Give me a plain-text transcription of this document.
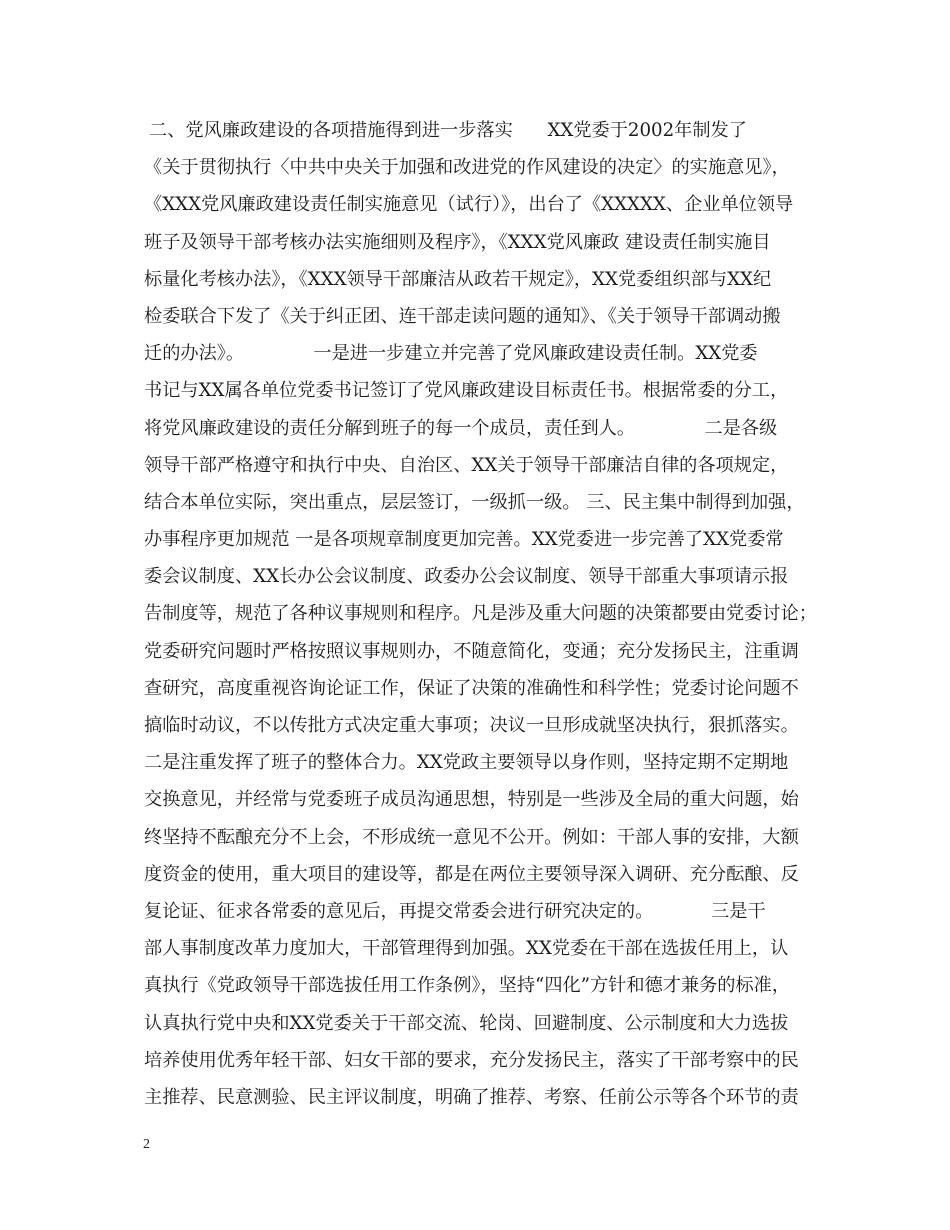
二、党风廉政建设的各项措施得到进一步落实      XX党委于2002年制发了
《关于贯彻执行〈中共中央关于加强和改进党的作风建设的决定〉的实施意见》，
《XXX党风廉政建设责任制实施意见（试行）》，出台了《XXXXX、企业单位领导
班子及领导干部考核办法实施细则及程序》，《XXX党风廉政 建设责任制实施目
标量化考核办法》，《XXX领导干部廉洁从政若干规定》，XX党委组织部与XX纪
检委联合下发了《关于纠正团、连干部走读问题的通知》、《关于领导干部调动搬
迁的办法》。            一是进一步建立并完善了党风廉政建设责任制。XX党委
书记与XX属各单位党委书记签订了党风廉政建设目标责任书。根据常委的分工，
将党风廉政建设的责任分解到班子的每一个成员，责任到人。            二是各级
领导干部严格遵守和执行中央、自治区、XX关于领导干部廉洁自律的各项规定，
结合本单位实际，突出重点，层层签订，一级抓一级。 三、民主集中制得到加强，
办事程序更加规范 一是各项规章制度更加完善。XX党委进一步完善了XX党委常
委会议制度、XX长办公会议制度、政委办公会议制度、领导干部重大事项请示报
告制度等，规范了各种议事规则和程序。凡是涉及重大问题的决策都要由党委讨论；
党委研究问题时严格按照议事规则办，不随意简化，变通；充分发扬民主，注重调
查研究，高度重视咨询论证工作，保证了决策的准确性和科学性；党委讨论问题不
搞临时动议，不以传批方式决定重大事项；决议一旦形成就坚决执行，狠抓落实。
二是注重发挥了班子的整体合力。XX党政主要领导以身作则，坚持定期不定期地
交换意见，并经常与党委班子成员沟通思想，特别是一些涉及全局的重大问题，始
终坚持不酝酿充分不上会，不形成统一意见不公开。例如：干部人事的安排，大额
度资金的使用，重大项目的建设等，都是在两位主要领导深入调研、充分酝酿、反
复论证、征求各常委的意见后，再提交常委会进行研究决定的。          三是干
部人事制度改革力度加大，干部管理得到加强。XX党委在干部在选拔任用上，认
真执行《党政领导干部选拔任用工作条例》，坚持“四化”方针和德才兼务的标准，
认真执行党中央和XX党委关于干部交流、轮岗、回避制度、公示制度和大力选拔
培养使用优秀年轻干部、妇女干部的要求，充分发扬民主，落实了干部考察中的民
主推荐、民意测验、民主评议制度，明确了推荐、考察、任前公示等各个环节的责
2
